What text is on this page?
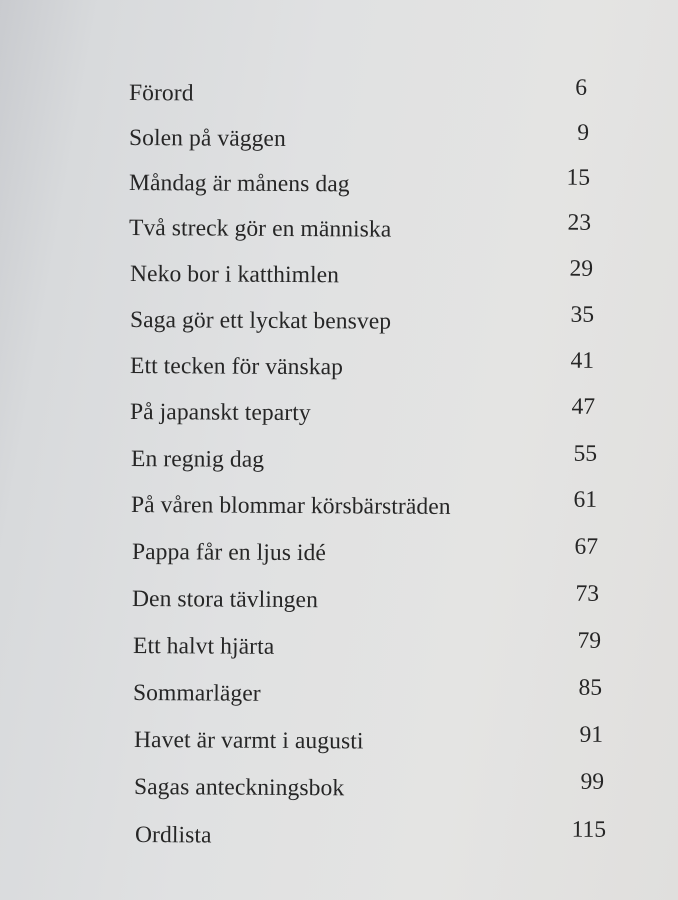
Förord	6
Solen på väggen	9
Måndag är månens dag	15
Två streck gör en människa	23
Neko bor i katthimlen	29
Saga gör ett lyckat bensvep	35
Ett tecken för vänskap	41
På japanskt teparty	47
En regnig dag	55
På våren blommar körsbärsträden	61
Pappa får en ljus idé	67
Den stora tävlingen	73
Ett halvt hjärta	79
Sommarläger	85
Havet är varmt i augusti	91
Sagas anteckningsbok	99
Ordlista	115
